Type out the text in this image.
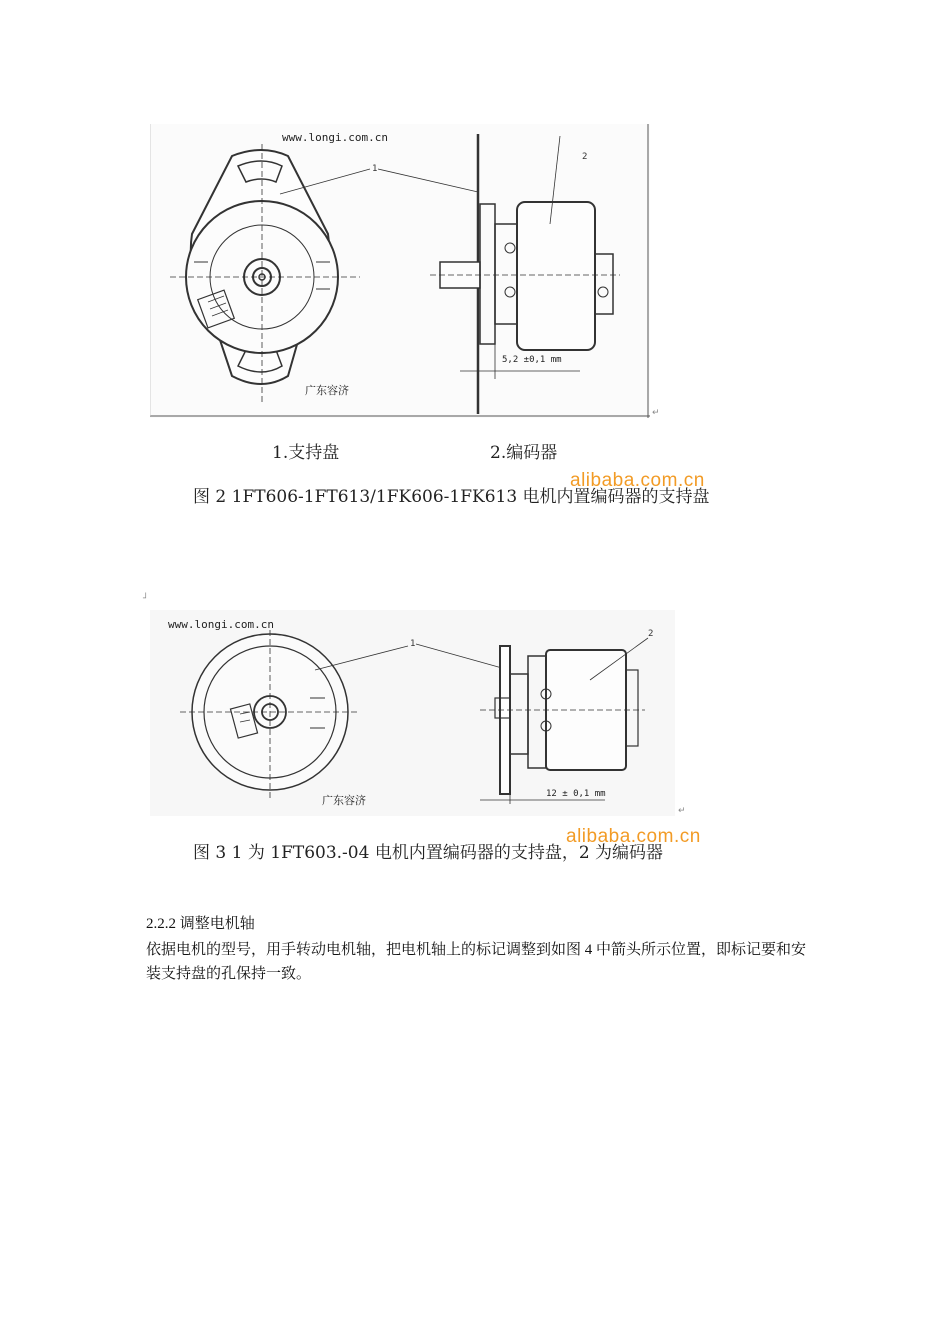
www.longi.com.cn
1
广东容济
2
5,2 ±0,1 mm
↵
1.支持盘	2.编码器
alibaba.com.cn
图 2 1FT606-1FT613/1FK606-1FK613 电机内置编码器的支持盘
┘
www.longi.com.cn
1
广东容济
2
12 ± 0,1 mm
↵
alibaba.com.cn
图 3 1 为 1FT603.-04 电机内置编码器的支持盘，2 为编码器
2.2.2 调整电机轴
依据电机的型号，用手转动电机轴，把电机轴上的标记调整到如图 4 中箭头所示位置，即标记要和安装支持盘的孔保持一致。
